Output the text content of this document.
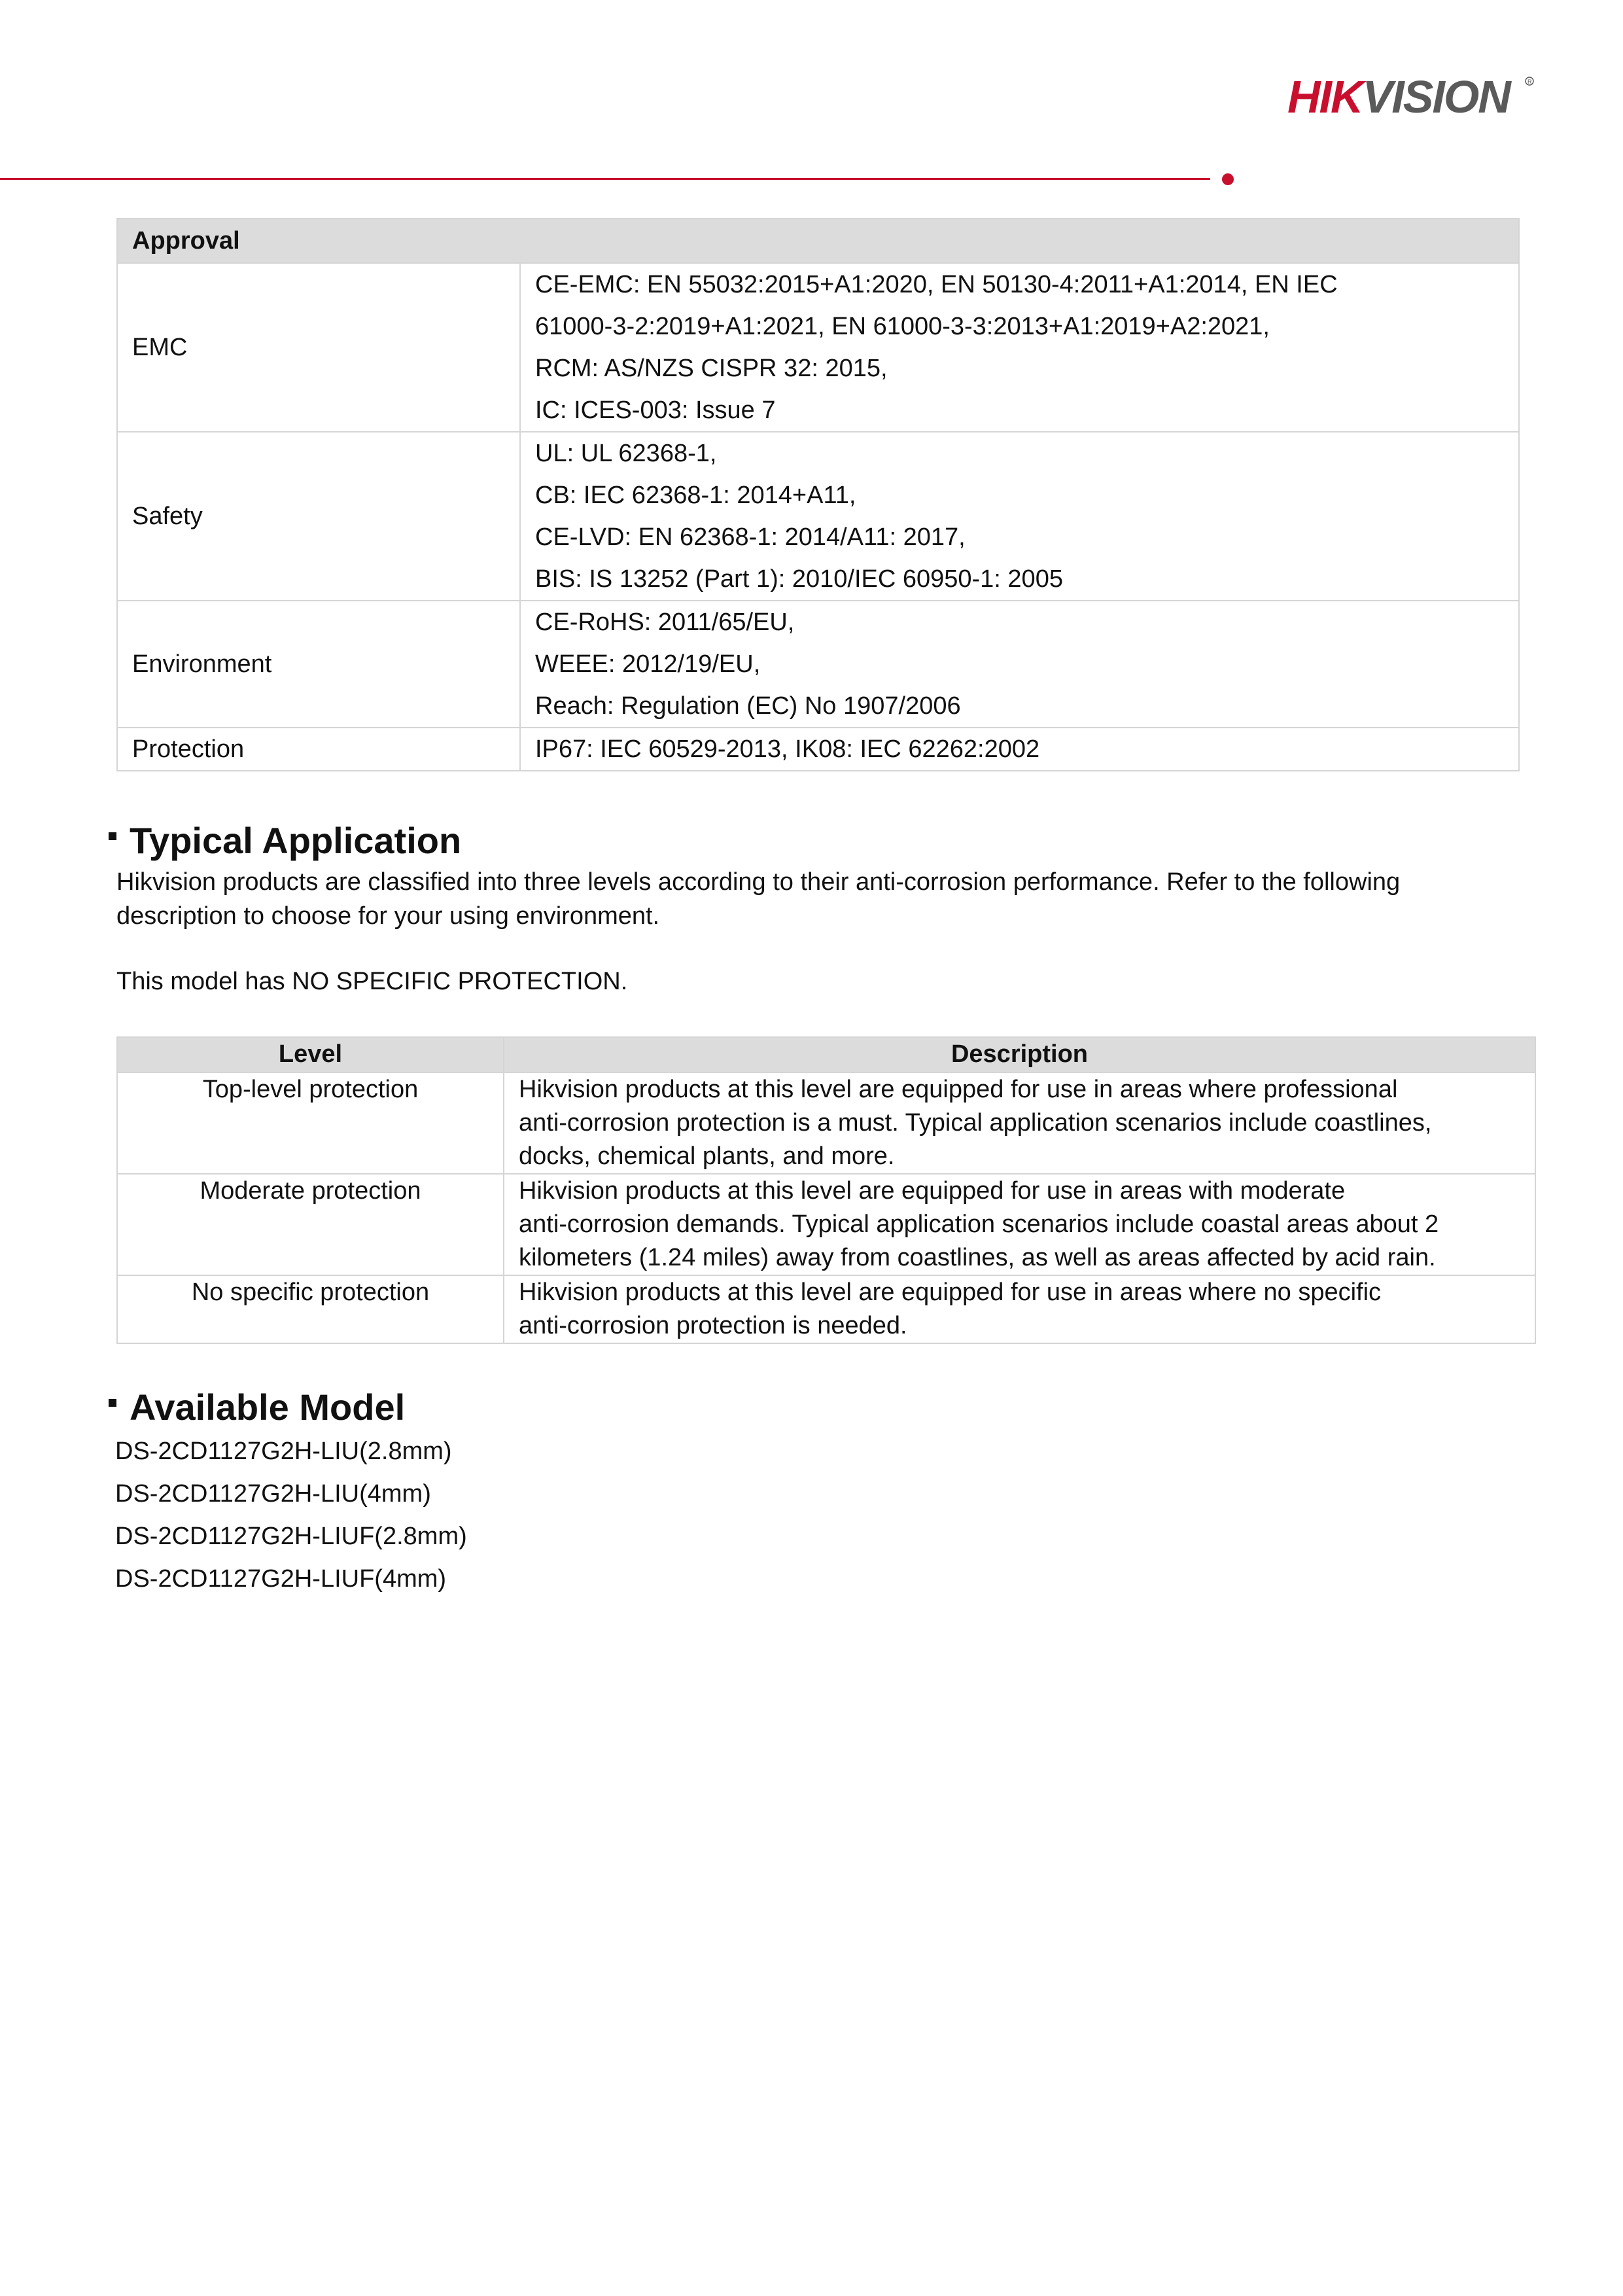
HIKVISION	R
Approval	
EMC	CE-EMC: EN 55032:2015+A1:2020, EN 50130-4:2011+A1:2014, EN IEC
61000-3-2:2019+A1:2021, EN 61000-3-3:2013+A1:2019+A2:2021,
RCM: AS/NZS CISPR 32: 2015,
IC: ICES-003: Issue 7

Safety	UL: UL 62368-1,
CB: IEC 62368-1: 2014+A11,
CE-LVD: EN 62368-1: 2014/A11: 2017,
BIS: IS 13252 (Part 1): 2010/IEC 60950-1: 2005

Environment	CE-RoHS: 2011/65/EU,
WEEE: 2012/19/EU,
Reach: Regulation (EC) No 1907/2006

Protection	IP67: IEC 60529-2013, IK08: IEC 62262:2002
Typical Application
Hikvision products are classified into three levels according to their anti-corrosion performance. Refer to the following
description to choose for your using environment.
This model has NO SPECIFIC PROTECTION.
Level	Description
Top-level protection	Hikvision products at this level are equipped for use in areas where professional
anti-corrosion protection is a must. Typical application scenarios include coastlines,
docks, chemical plants, and more.

Moderate protection	Hikvision products at this level are equipped for use in areas with moderate
anti-corrosion demands. Typical application scenarios include coastal areas about 2
kilometers (1.24 miles) away from coastlines, as well as areas affected by acid rain.

No specific protection	Hikvision products at this level are equipped for use in areas where no specific
anti-corrosion protection is needed.
Available Model
DS-2CD1127G2H-LIU(2.8mm)
DS-2CD1127G2H-LIU(4mm)
DS-2CD1127G2H-LIUF(2.8mm)
DS-2CD1127G2H-LIUF(4mm)
